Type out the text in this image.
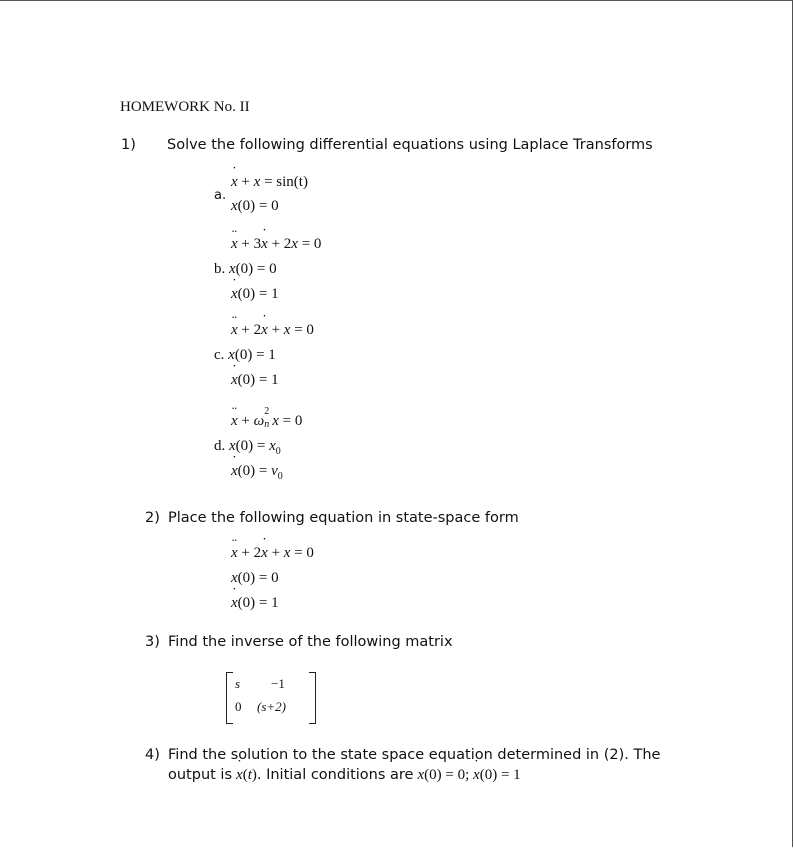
HOMEWORK No. II
1) Solve the following differential equations using Laplace Transforms
a.
x ˙ + x = sin(t)
x(0) = 0
x ¨ + 3x ˙ + 2x = 0
b. x(0) = 0
x ˙(0) = 1
x ¨ + 2x ˙ + x = 0
c. x(0) = 1
x ˙(0) = 1
x ¨ + ω
2
n x = 0
d. $x(0) = x_0$
x ˙(0) = $v_0$
2) Place the following equation in state-space form
x ¨ + 2x ˙ + x = 0
x(0) = 0
x ˙(0) = 1
3) Find the inverse of the following matrix
s −1
0 (s+2)
4) Find the solution to the state space equation determined in (2). The
output is x ˙(t). Initial conditions are x(0) = 0; x ˙(0) = 1
